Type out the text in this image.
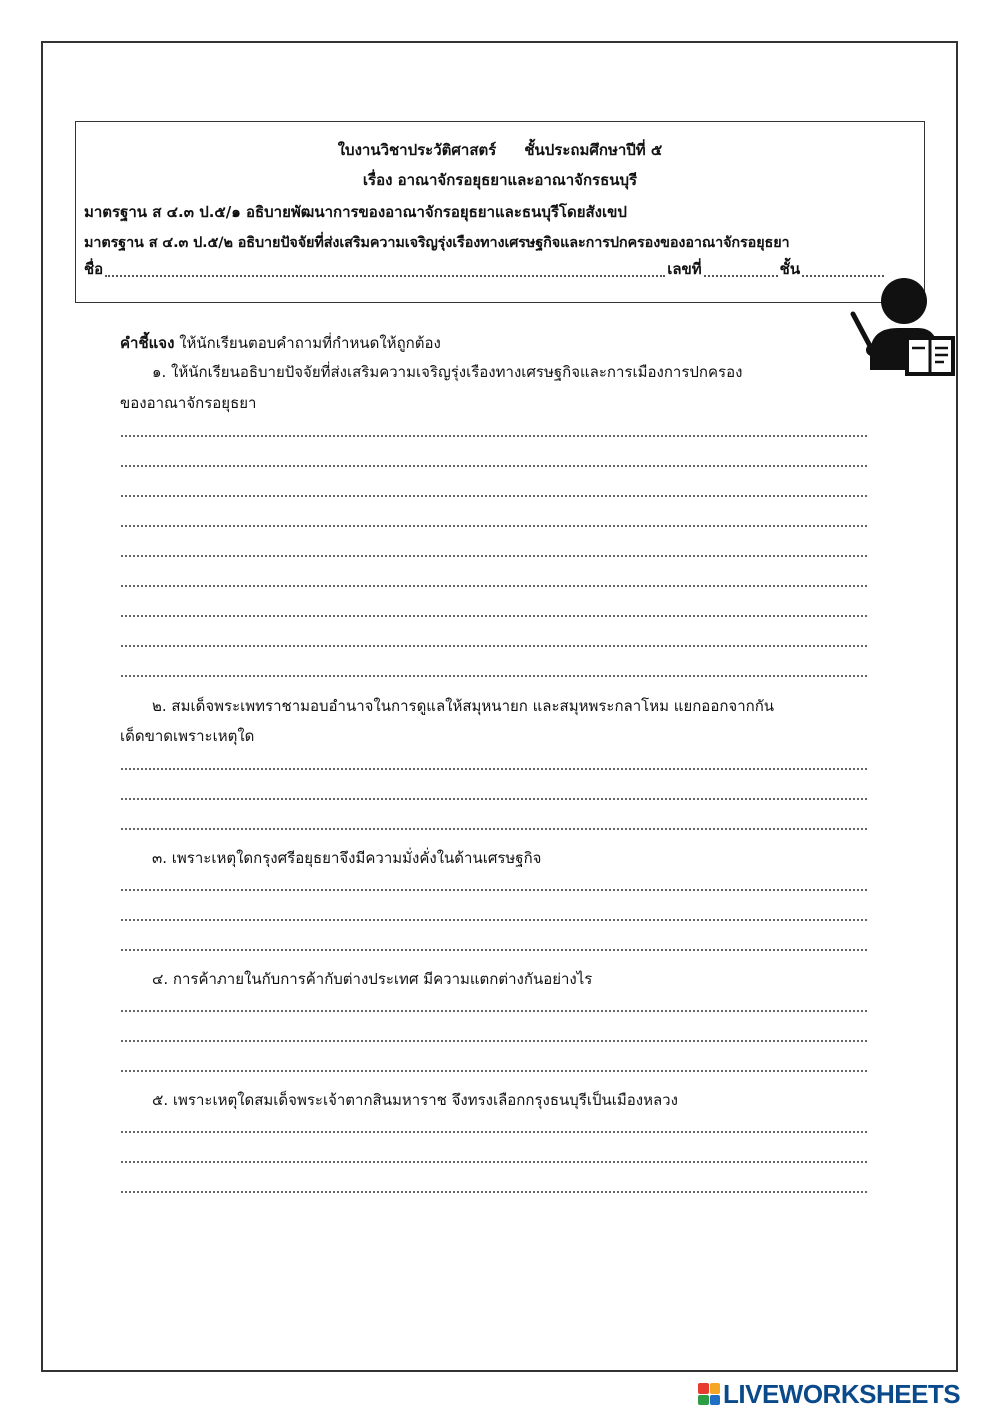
ใบงานวิชาประวัติศาสตร์ ชั้นประถมศึกษาปีที่ ๕
เรื่อง อาณาจักรอยุธยาและอาณาจักรธนบุรี
มาตรฐาน ส ๔.๓ ป.๕/๑ อธิบายพัฒนาการของอาณาจักรอยุธยาและธนบุรีโดยสังเขป
มาตรฐาน ส ๔.๓ ป.๕/๒ อธิบายปัจจัยที่ส่งเสริมความเจริญรุ่งเรืองทางเศรษฐกิจและการปกครองของอาณาจักรอยุธยา
ชื่อ	เลขที่	ชั้น
คำชี้แจง ให้นักเรียนตอบคำถามที่กำหนดให้ถูกต้อง
๑. ให้นักเรียนอธิบายปัจจัยที่ส่งเสริมความเจริญรุ่งเรืองทางเศรษฐกิจและการเมืองการปกครอง
ของอาณาจักรอยุธยา
๒. สมเด็จพระเพทราชามอบอำนาจในการดูแลให้สมุหนายก และสมุหพระกลาโหม แยกออกจากกัน
เด็ดขาดเพราะเหตุใด
๓. เพราะเหตุใดกรุงศรีอยุธยาจึงมีความมั่งคั่งในด้านเศรษฐกิจ
๔. การค้าภายในกับการค้ากับต่างประเทศ มีความแตกต่างกันอย่างไร
๕. เพราะเหตุใดสมเด็จพระเจ้าตากสินมหาราช จึงทรงเลือกกรุงธนบุรีเป็นเมืองหลวง
LIVEWORKSHEETS
